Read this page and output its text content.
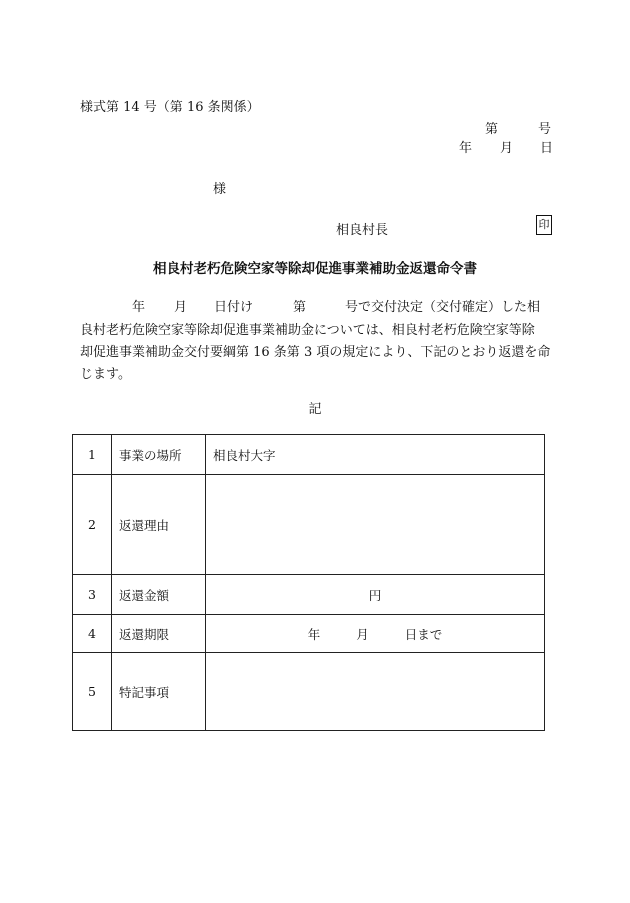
様式第 14 号（第 16 条関係）
第	号
年 月 日
様
相良村長	印
相良村老朽危険空家等除却促進事業補助金返還命令書
年 月 日付け	第	号で交付決定（交付確定）した相
良村老朽危険空家等除却促進事業補助金については、相良村老朽危険空家等除
却促進事業補助金交付要綱第 16 条第 3 項の規定により、下記のとおり返還を命
じます。
記
1	事業の場所	相良村大字
2	返還理由	
3	返還金額	円
4	返還期限	年 月 日まで
5	特記事項	
